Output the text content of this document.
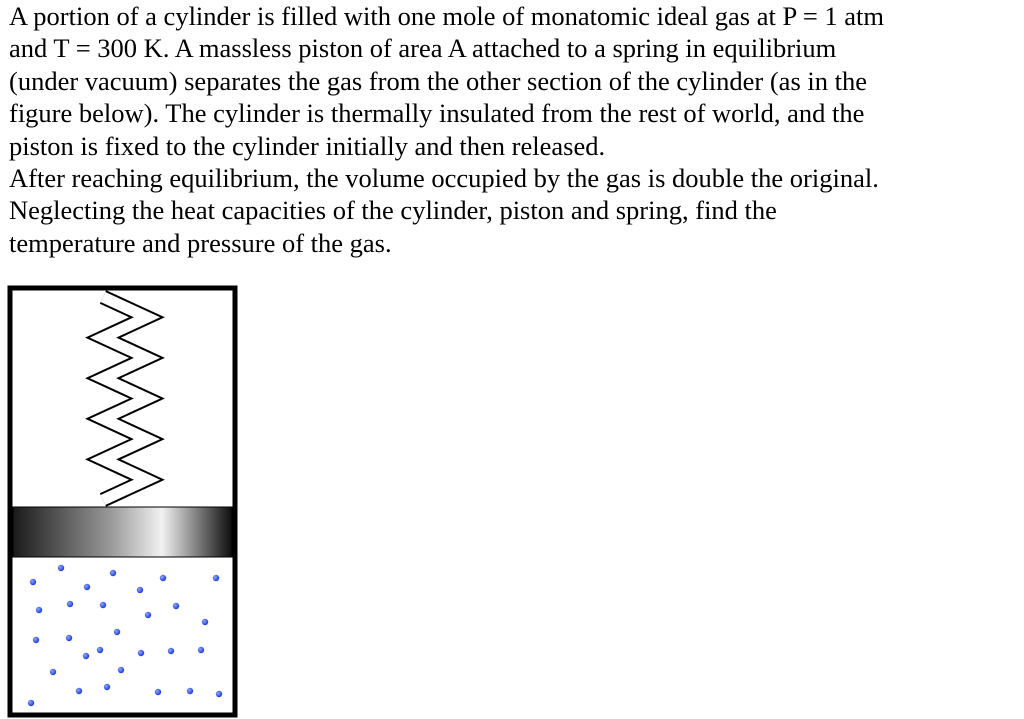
A portion of a cylinder is filled with one mole of monatomic ideal gas at P = 1 atm
and T = 300 K. A massless piston of area A attached to a spring in equilibrium
(under vacuum) separates the gas from the other section of the cylinder (as in the
figure below). The cylinder is thermally insulated from the rest of world, and the
piston is fixed to the cylinder initially and then released.
After reaching equilibrium, the volume occupied by the gas is double the original.
Neglecting the heat capacities of the cylinder, piston and spring, find the
temperature and pressure of the gas.
